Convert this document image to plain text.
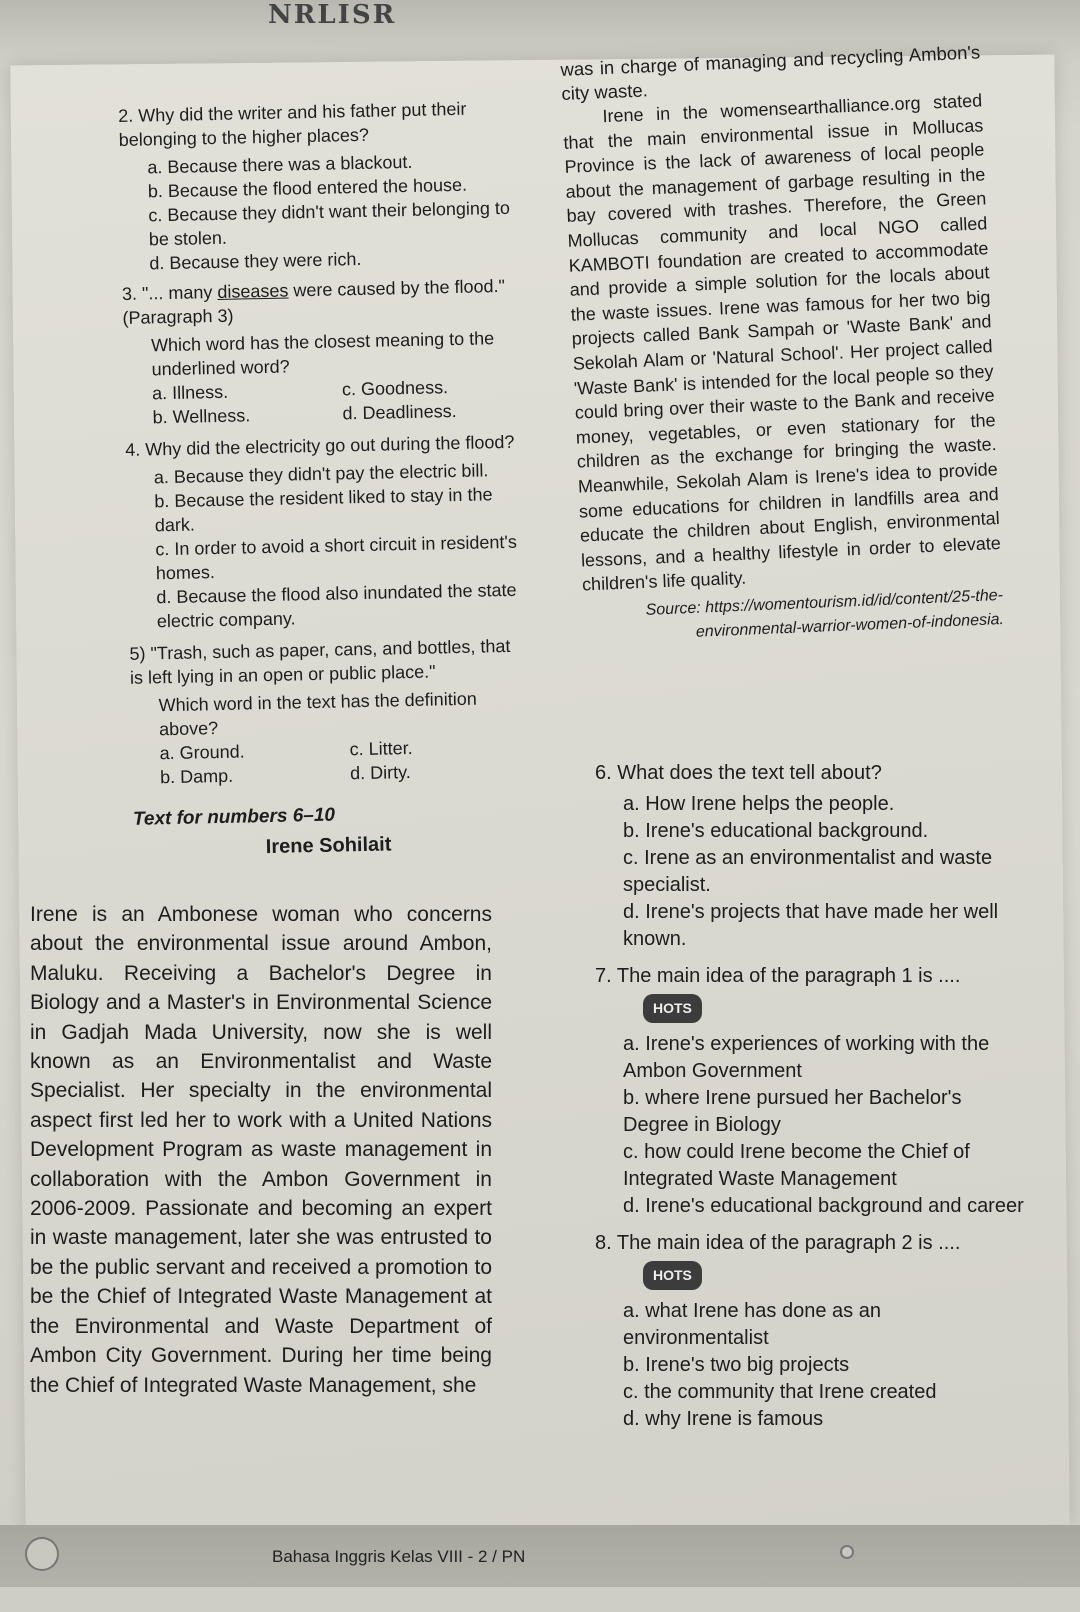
NRLISR

2. Why did the writer and his father put their belonging to the higher places?

a. Because there was a blackout.

b. Because the flood entered the house.

c. Because they didn't want their belonging to be stolen.

d. Because they were rich.

3. "... many diseases were caused by the flood." (Paragraph 3)

Which word has the closest meaning to the underlined word?

a. Illness.	c. Goodness.
b. Wellness.	d. Deadliness.

4. Why did the electricity go out during the flood?

a. Because they didn't pay the electric bill.

b. Because the resident liked to stay in the dark.

c. In order to avoid a short circuit in resident's homes.

d. Because the flood also inundated the state electric company.

5) "Trash, such as paper, cans, and bottles, that is left lying in an open or public place."

Which word in the text has the definition above?

a. Ground.	c. Litter.
b. Damp.	d. Dirty.
Text for numbers 6–10
Irene Sohilait
Irene is an Ambonese woman who concerns about the environmental issue around Ambon, Maluku. Receiving a Bachelor's Degree in Biology and a Master's in Environmental Science in Gadjah Mada University, now she is well known as an Environmentalist and Waste Specialist. Her specialty in the environmental aspect first led her to work with a United Nations Development Program as waste management in collaboration with the Ambon Government in 2006-2009. Passionate and becoming an expert in waste management, later she was entrusted to be the public servant and received a promotion to be the Chief of Integrated Waste Management at the Environmental and Waste Department of Ambon City Government. During her time being the Chief of Integrated Waste Management, she

was in charge of managing and recycling Ambon's city waste.

Irene in the womensearthalliance.org stated that the main environmental issue in Mollucas Province is the lack of awareness of local people about the management of garbage resulting in the bay covered with trashes. Therefore, the Green Mollucas community and local NGO called KAMBOTI foundation are created to accommodate and provide a simple solution for the locals about the waste issues. Irene was famous for her two big projects called Bank Sampah or 'Waste Bank' and Sekolah Alam or 'Natural School'. Her project called 'Waste Bank' is intended for the local people so they could bring over their waste to the Bank and receive money, vegetables, or even stationary for the children as the exchange for bringing the waste. Meanwhile, Sekolah Alam is Irene's idea to provide some educations for children in landfills area and educate the children about English, environmental lessons, and a healthy lifestyle in order to elevate children's life quality.

Source: https://womentourism.id/id/content/25-the-environmental-warrior-women-of-indonesia.

6. What does the text tell about?

a. How Irene helps the people.

b. Irene's educational background.

c. Irene as an environmentalist and waste specialist.

d. Irene's projects that have made her well known.

7. The main idea of the paragraph 1 is ....

HOTS

a. Irene's experiences of working with the Ambon Government

b. where Irene pursued her Bachelor's Degree in Biology

c. how could Irene become the Chief of Integrated Waste Management

d. Irene's educational background and career

8. The main idea of the paragraph 2 is ....

HOTS

a. what Irene has done as an environmentalist

b. Irene's two big projects

c. the community that Irene created

d. why Irene is famous

Bahasa Inggris Kelas VIII - 2 / PN
